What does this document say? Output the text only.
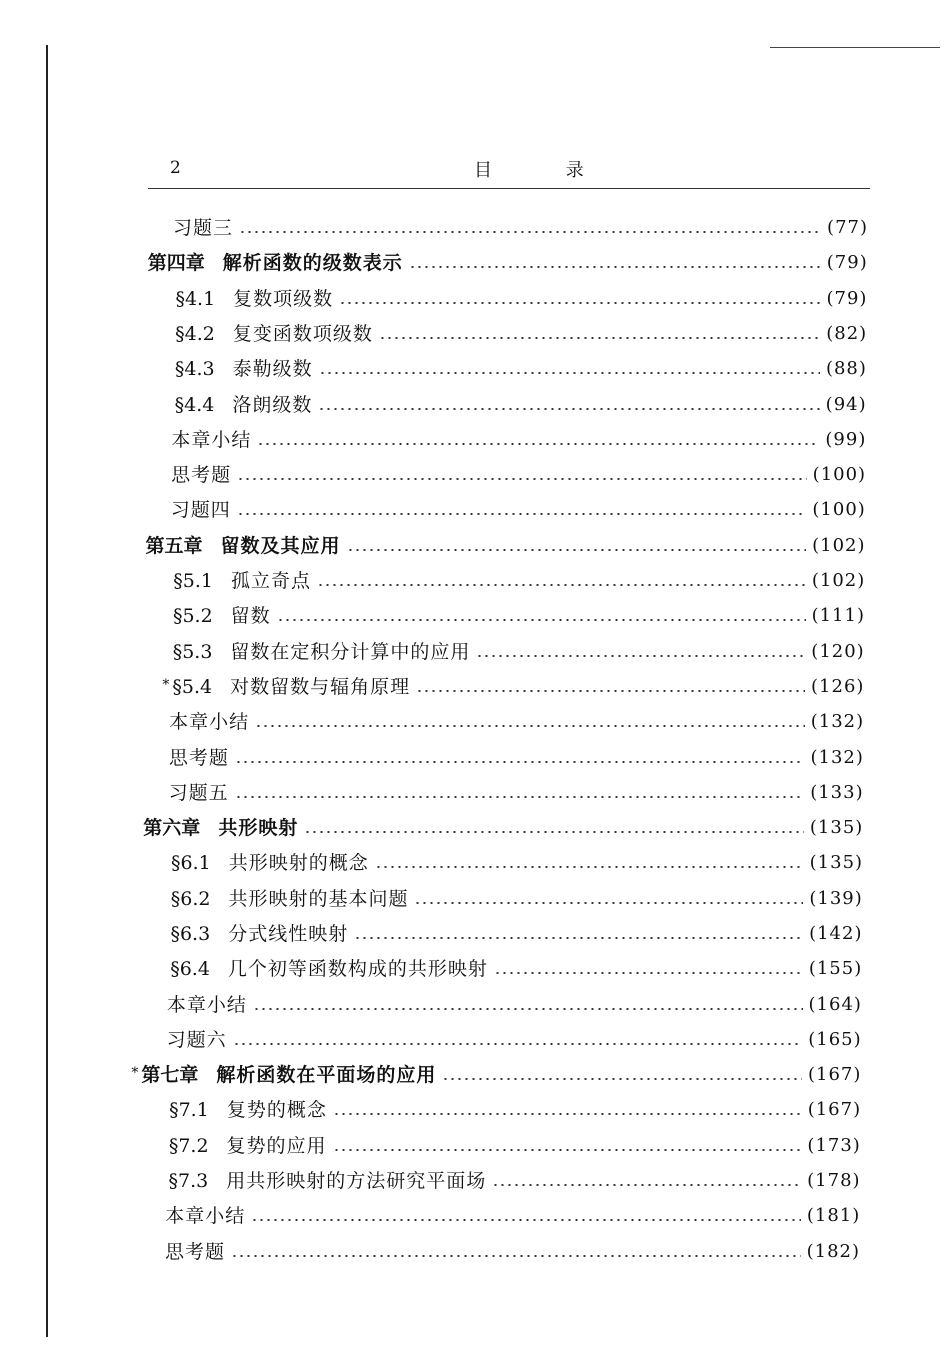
2	目 录
习题三	(77)
第四章 解析函数的级数表示	(79)
§4.1 复数项级数	(79)
§4.2 复变函数项级数	(82)
§4.3 泰勒级数	(88)
§4.4 洛朗级数	(94)
本章小结	(99)
思考题	(100)
习题四	(100)
第五章 留数及其应用	(102)
§5.1 孤立奇点	(102)
§5.2 留数	(111)
§5.3 留数在定积分计算中的应用	(120)
* §5.4 对数留数与辐角原理	(126)
本章小结	(132)
思考题	(132)
习题五	(133)
第六章 共形映射	(135)
§6.1 共形映射的概念	(135)
§6.2 共形映射的基本问题	(139)
§6.3 分式线性映射	(142)
§6.4 几个初等函数构成的共形映射	(155)
本章小结	(164)
习题六	(165)
* 第七章 解析函数在平面场的应用	(167)
§7.1 复势的概念	(167)
§7.2 复势的应用	(173)
§7.3 用共形映射的方法研究平面场	(178)
本章小结	(181)
思考题	(182)
